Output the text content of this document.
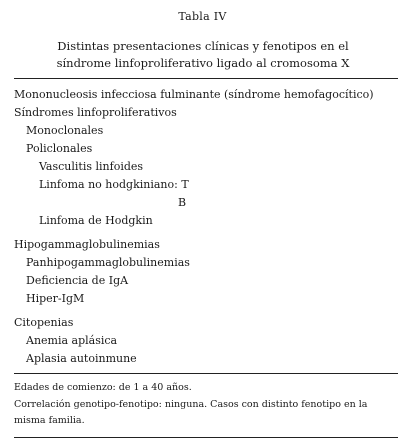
Tabla IV
Distintas presentaciones clínicas y fenotipos en el
síndrome linfoproliferativo ligado al cromosoma X
Mononucleosis infecciosa fulminante (síndrome hemofagocítico)
Síndromes linfoproliferativos
Monoclonales
Policlonales
Vasculitis linfoides
Linfoma no hodgkiniano: T
B
Linfoma de Hodgkin
Hipogammaglobulinemias
Panhipogammaglobulinemias
Deficiencia de IgA
Hiper-IgM
Citopenias
Anemia aplásica
Aplasia autoinmune
Edades de comienzo: de 1 a 40 años.
Correlación genotipo-fenotipo: ninguna. Casos con distinto fenotipo en la
misma familia.
